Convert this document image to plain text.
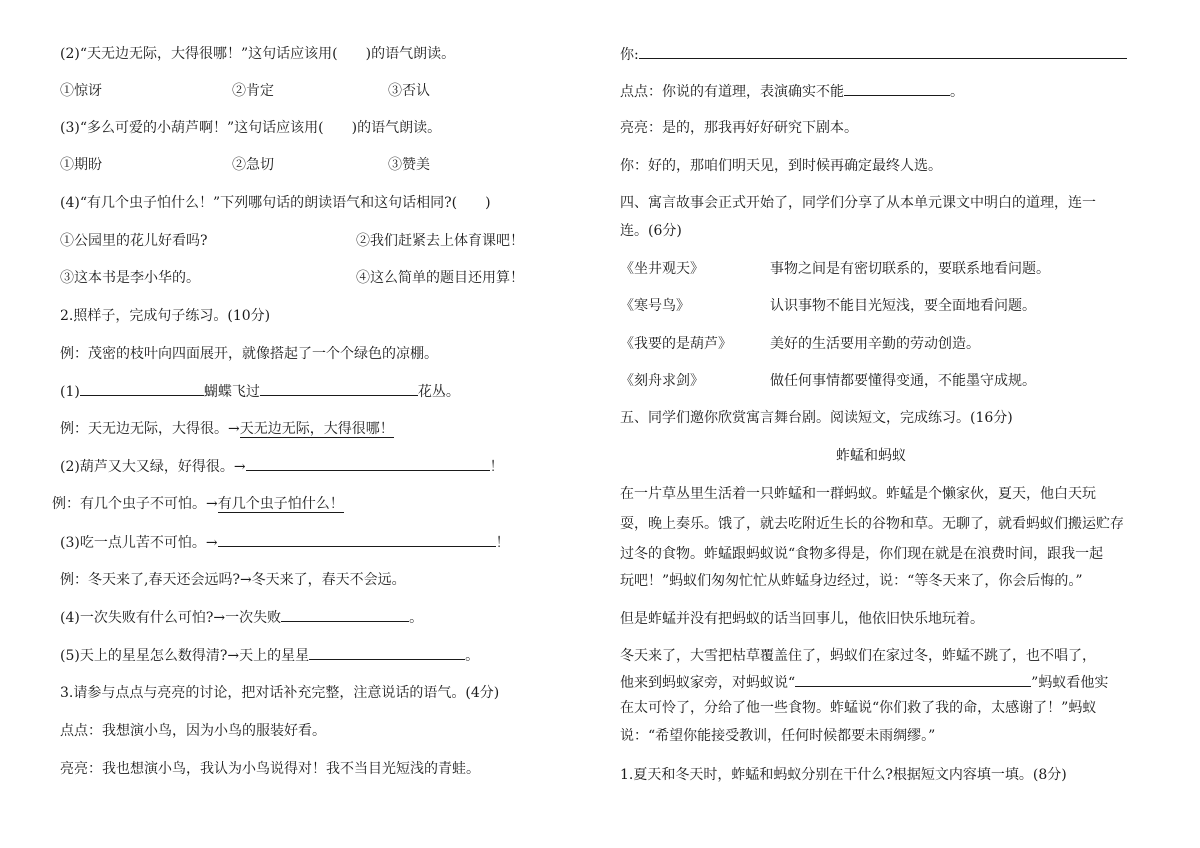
(2)“天无边无际，大得很哪！”这句话应该用(　　)的语气朗读。
①惊讶	②肯定	③否认
(3)“多么可爱的小葫芦啊！”这句话应该用(　　)的语气朗读。
①期盼	②急切	③赞美
(4)“有几个虫子怕什么！”下列哪句话的朗读语气和这句话相同?(　　)
①公园里的花儿好看吗?	②我们赶紧去上体育课吧！
③这本书是李小华的。	④这么简单的题目还用算！
2.照样子，完成句子练习。(10分)
例：茂密的枝叶向四面展开，就像搭起了一个个绿色的凉棚。
(1)	蝴蝶飞过	花丛。
例：天无边无际，大得很。→天无边无际，大得很哪！
(2)葫芦又大又绿，好得很。→	！
例：有几个虫子不可怕。→有几个虫子怕什么！
(3)吃一点儿苦不可怕。→	！
例：冬天来了,春天还会远吗?→冬天来了，春天不会远。
(4)一次失败有什么可怕?→一次失败	。
(5)天上的星星怎么数得清?→天上的星星	。
3.请参与点点与亮亮的讨论，把对话补充完整，注意说话的语气。(4分)
点点：我想演小鸟，因为小鸟的服装好看。
亮亮：我也想演小鸟，我认为小鸟说得对！我不当目光短浅的青蛙。
你:
点点：你说的有道理，表演确实不能	。
亮亮：是的，那我再好好研究下剧本。
你：好的，那咱们明天见，到时候再确定最终人选。
四、寓言故事会正式开始了，同学们分享了从本单元课文中明白的道理，连一
连。(6分)
《坐井观天》	事物之间是有密切联系的，要联系地看问题。
《寒号鸟》	认识事物不能目光短浅，要全面地看问题。
《我要的是葫芦》	美好的生活要用辛勤的劳动创造。
《刻舟求剑》	做任何事情都要懂得变通，不能墨守成规。
五、同学们邀你欣赏寓言舞台剧。阅读短文，完成练习。(16分)
蚱蜢和蚂蚁
在一片草丛里生活着一只蚱蜢和一群蚂蚁。蚱蜢是个懒家伙，夏天，他白天玩
耍，晚上奏乐。饿了，就去吃附近生长的谷物和草。无聊了，就看蚂蚁们搬运贮存
过冬的食物。蚱蜢跟蚂蚁说“食物多得是，你们现在就是在浪费时间，跟我一起
玩吧！”蚂蚁们匆匆忙忙从蚱蜢身边经过，说：“等冬天来了，你会后悔的。”
但是蚱蜢并没有把蚂蚁的话当回事儿，他依旧快乐地玩着。
冬天来了，大雪把枯草覆盖住了，蚂蚁们在家过冬，蚱蜢不跳了，也不唱了，
他来到蚂蚁家旁，对蚂蚁说“	”蚂蚁看他实
在太可怜了，分给了他一些食物。蚱蜢说“你们救了我的命，太感谢了！”蚂蚁
说：“希望你能接受教训，任何时候都要未雨绸缪。”
1.夏天和冬天时，蚱蜢和蚂蚁分别在干什么?根据短文内容填一填。(8分)
